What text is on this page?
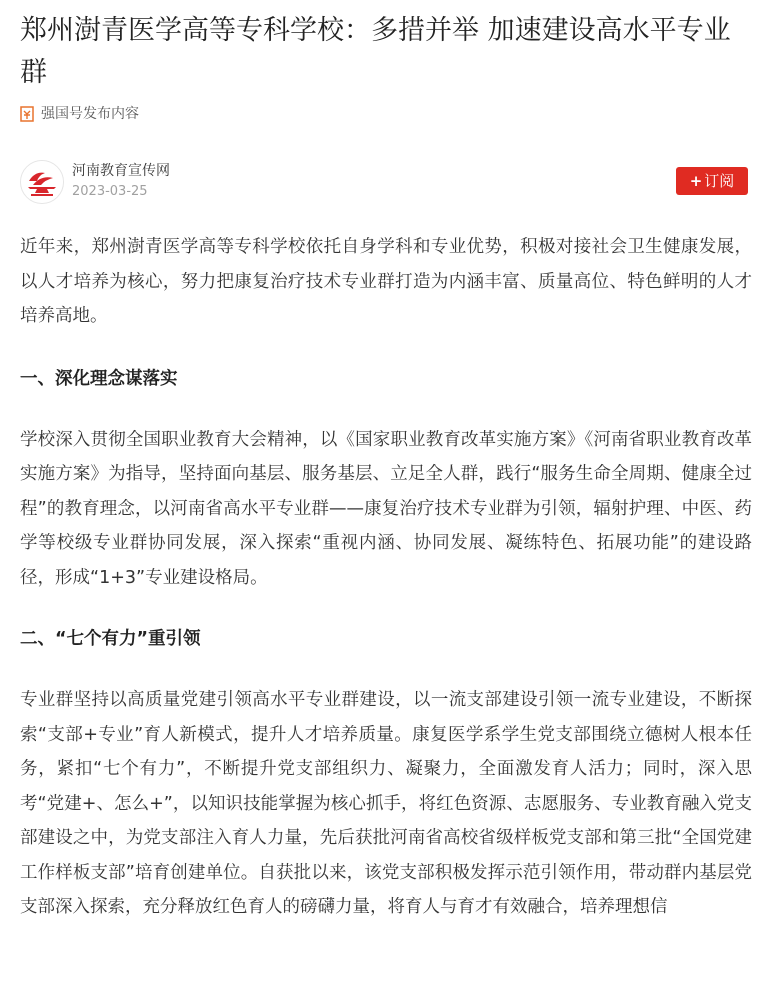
郑州澍青医学高等专科学校：多措并举 加速建设高水平专业群
强国号发布内容
河南教育宣传网
2023-03-25
+ 订阅

近年来，郑州澍青医学高等专科学校依托自身学科和专业优势，积极对接社会卫生健康发展，以人才培养为核心，努力把康复治疗技术专业群打造为内涵丰富、质量高位、特色鲜明的人才培养高地。

一、深化理念谋落实

学校深入贯彻全国职业教育大会精神，以《国家职业教育改革实施方案》《河南省职业教育改革实施方案》为指导，坚持面向基层、服务基层、立足全人群，践行“服务生命全周期、健康全过程”的教育理念，以河南省高水平专业群——康复治疗技术专业群为引领，辐射护理、中医、药学等校级专业群协同发展，深入探索“重视内涵、协同发展、凝练特色、拓展功能”的建设路径，形成“1+3”专业建设格局。

二、“七个有力”重引领

专业群坚持以高质量党建引领高水平专业群建设，以一流支部建设引领一流专业建设，不断探索“支部+专业”育人新模式，提升人才培养质量。康复医学系学生党支部围绕立德树人根本任务，紧扣“七个有力”，不断提升党支部组织力、凝聚力，全面激发育人活力；同时，深入思考“党建+、怎么+”，以知识技能掌握为核心抓手，将红色资源、志愿服务、专业教育融入党支部建设之中，为党支部注入育人力量，先后获批河南省高校省级样板党支部和第三批“全国党建工作样板支部”培育创建单位。自获批以来，该党支部积极发挥示范引领作用，带动群内基层党支部深入探索，充分释放红色育人的磅礴力量，将育人与育才有效融合，培养理想信
